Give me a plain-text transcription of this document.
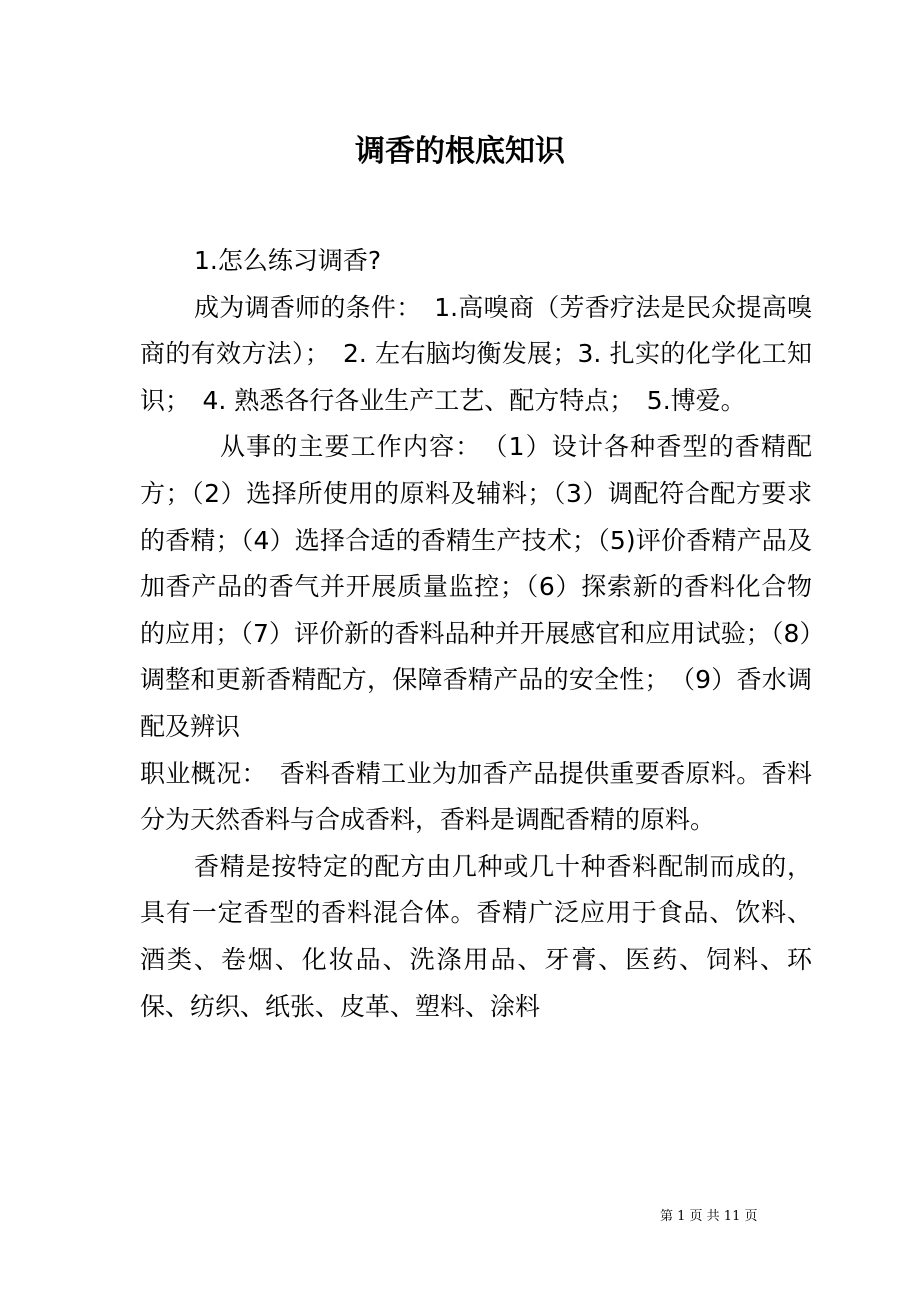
调香的根底知识

1.怎么练习调香?

成为调香师的条件：　1.高嗅商（芳香疗法是民众提高嗅商的有效方法）；　2. 左右脑均衡发展；3. 扎实的化学化工知识；　4. 熟悉各行各业生产工艺、配方特点；　5.博爱。

从事的主要工作内容：　（1）设计各种香型的香精配方；（2）选择所使用的原料及辅料；（3）调配符合配方要求的香精；（4）选择合适的香精生产技术；（5)评价香精产品及加香产品的香气并开展质量监控；（6）探索新的香料化合物的应用；（7）评价新的香料品种并开展感官和应用试验；（8）调整和更新香精配方，保障香精产品的安全性；　（9）香水调配及辨识

职业概况：　香料香精工业为加香产品提供重要香原料。香料分为天然香料与合成香料，香料是调配香精的原料。

香精是按特定的配方由几种或几十种香料配制而成的，具有一定香型的香料混合体。香精广泛应用于食品、饮料、酒类、卷烟、化妆品、洗涤用品、牙膏、医药、饲料、环保、纺织、纸张、皮革、塑料、涂料

第 1 页 共 11 页
